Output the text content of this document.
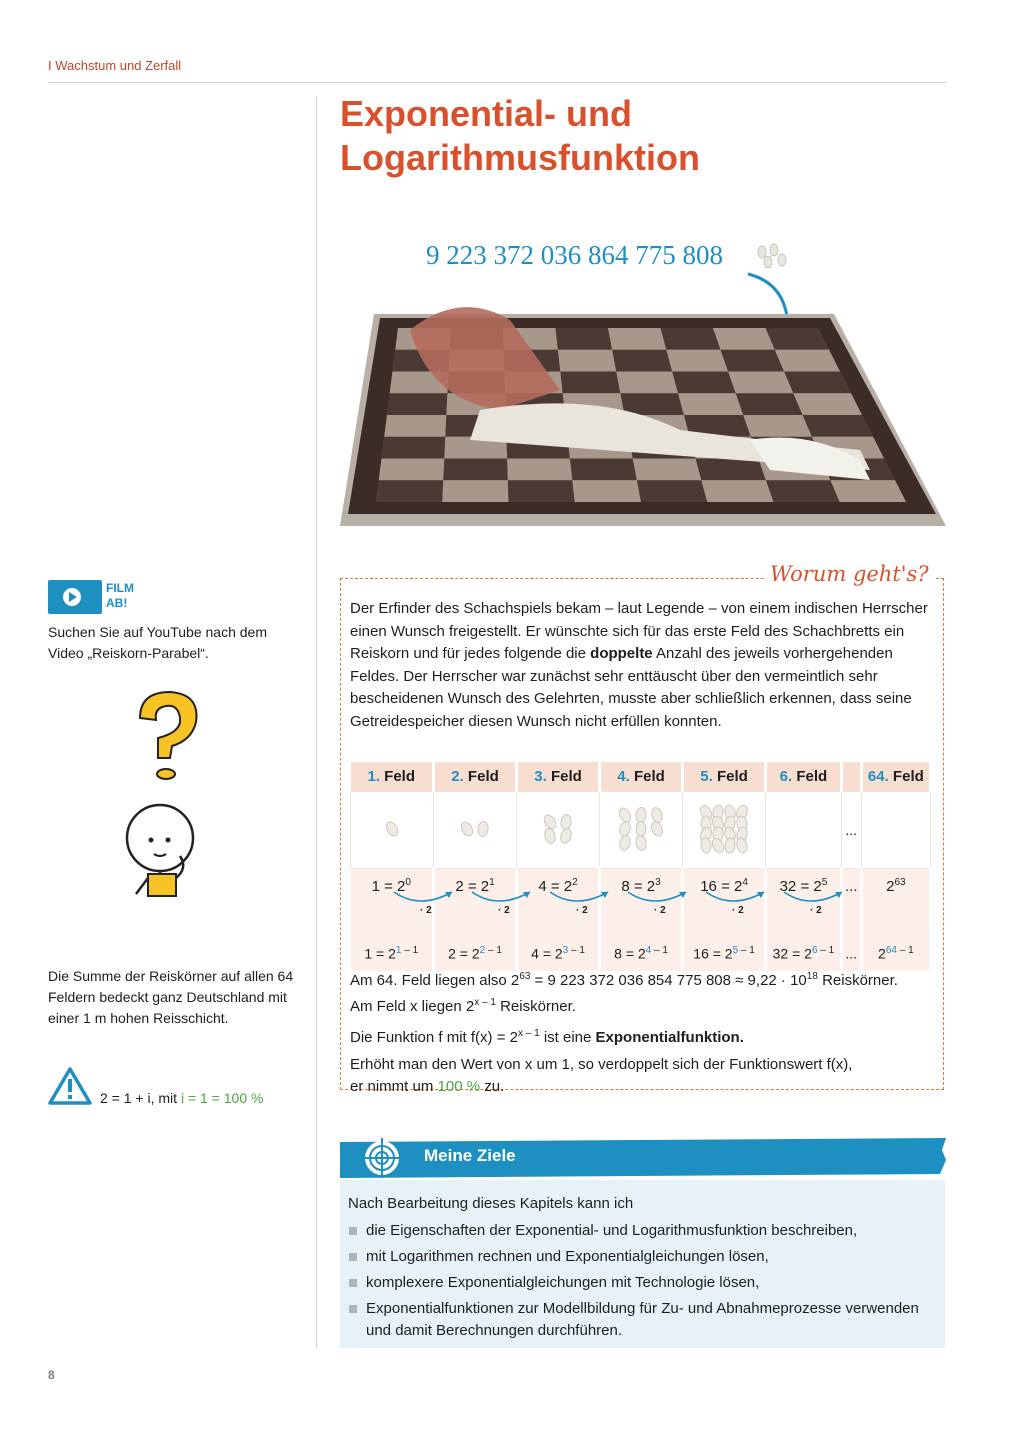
I Wachstum und Zerfall
Exponential- und
Logarithmusfunktion
9 223 372 036 864 775 808
FILM
AB!
Suchen Sie auf YouTube nach dem Video „Reiskorn-Parabel“.
Die Summe der Reiskörner auf allen 64 Feldern bedeckt ganz Deutschland mit einer 1 m hohen Reisschicht.
2 = 1 + i, mit i = 1 = 100 %
Worum geht's?
Der Erfinder des Schachspiels bekam – laut Legende – von einem indischen Herrscher einen Wunsch freigestellt. Er wünschte sich für das erste Feld des Schachbretts ein Reiskorn und für jedes folgende die doppelte Anzahl des jeweils vorhergehenden Feldes. Der Herrscher war zunächst sehr enttäuscht über den vermeintlich sehr bescheidenen Wunsch des Gelehrten, musste aber schließlich erkennen, dass seine Getreidespeicher diesen Wunsch nicht erfüllen konnten.
1. Feld	2. Feld	3. Feld	4. Feld	5. Feld	6. Feld		64. Feld
						...	
$1 = 2^0$	$2 = 2^1$	$4 = 2^2$	$8 = 2^3$	$16 = 2^4$	$32 = 2^5$	...	$2^{63}$
$1 = 2^{1 - 1}$	$2 = 2^{2 - 1}$	$4 = 2^{3 - 1}$	$8 = 2^{4 - 1}$	$16 = 2^{5 - 1}$	$32 = 2^{6 - 1}$	...	$2^{64 - 1}$
· 2	· 2	· 2	· 2	· 2	· 2

Am 64. Feld liegen also $2^{63} = 9$ 223 372 036 854 775 $808 \approx 9,22 \cdot 10^{18}$ Reiskörner.
Am Feld x liegen 2$^{x - 1}$ Reiskörner.

Die Funktion f mit $f(x) = 2^{x - 1}$ ist eine Exponentialfunktion.

Erhöht man den Wert von x um 1, so verdoppelt sich der Funktionswert f(x),
er nimmt um 100 % zu.

Meine Ziele
Nach Bearbeitung dieses Kapitels kann ich
die Eigenschaften der Exponential- und Logarithmusfunktion beschreiben,
mit Logarithmen rechnen und Exponentialgleichungen lösen,
komplexere Exponentialgleichungen mit Technologie lösen,
Exponentialfunktionen zur Modellbildung für Zu- und Abnahmeprozesse verwenden und damit Berechnungen durchführen.
8
